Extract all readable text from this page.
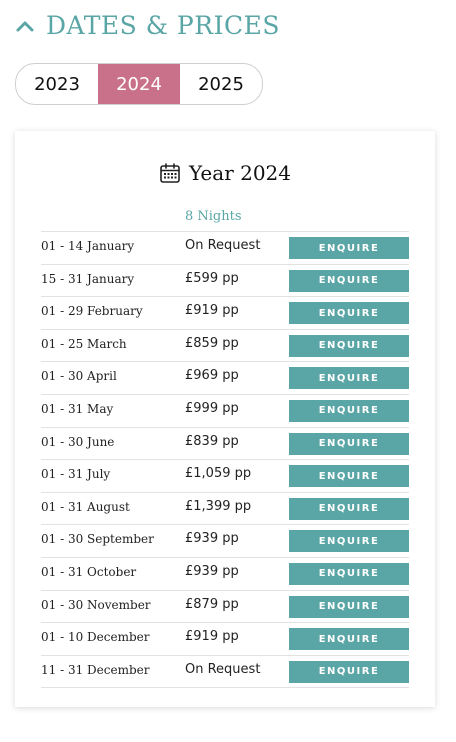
DATES & PRICES
2023	2024	2025
Year 2024
8 Nights
01 - 14 January	On Request	ENQUIRE
15 - 31 January	£599 pp	ENQUIRE
01 - 29 February	£919 pp	ENQUIRE
01 - 25 March	£859 pp	ENQUIRE
01 - 30 April	£969 pp	ENQUIRE
01 - 31 May	£999 pp	ENQUIRE
01 - 30 June	£839 pp	ENQUIRE
01 - 31 July	£1,059 pp	ENQUIRE
01 - 31 August	£1,399 pp	ENQUIRE
01 - 30 September £939 pp	ENQUIRE
01 - 31 October	£939 pp	ENQUIRE
01 - 30 November	£879 pp	ENQUIRE
01 - 10 December	£919 pp	ENQUIRE
11 - 31 December	On Request	ENQUIRE
